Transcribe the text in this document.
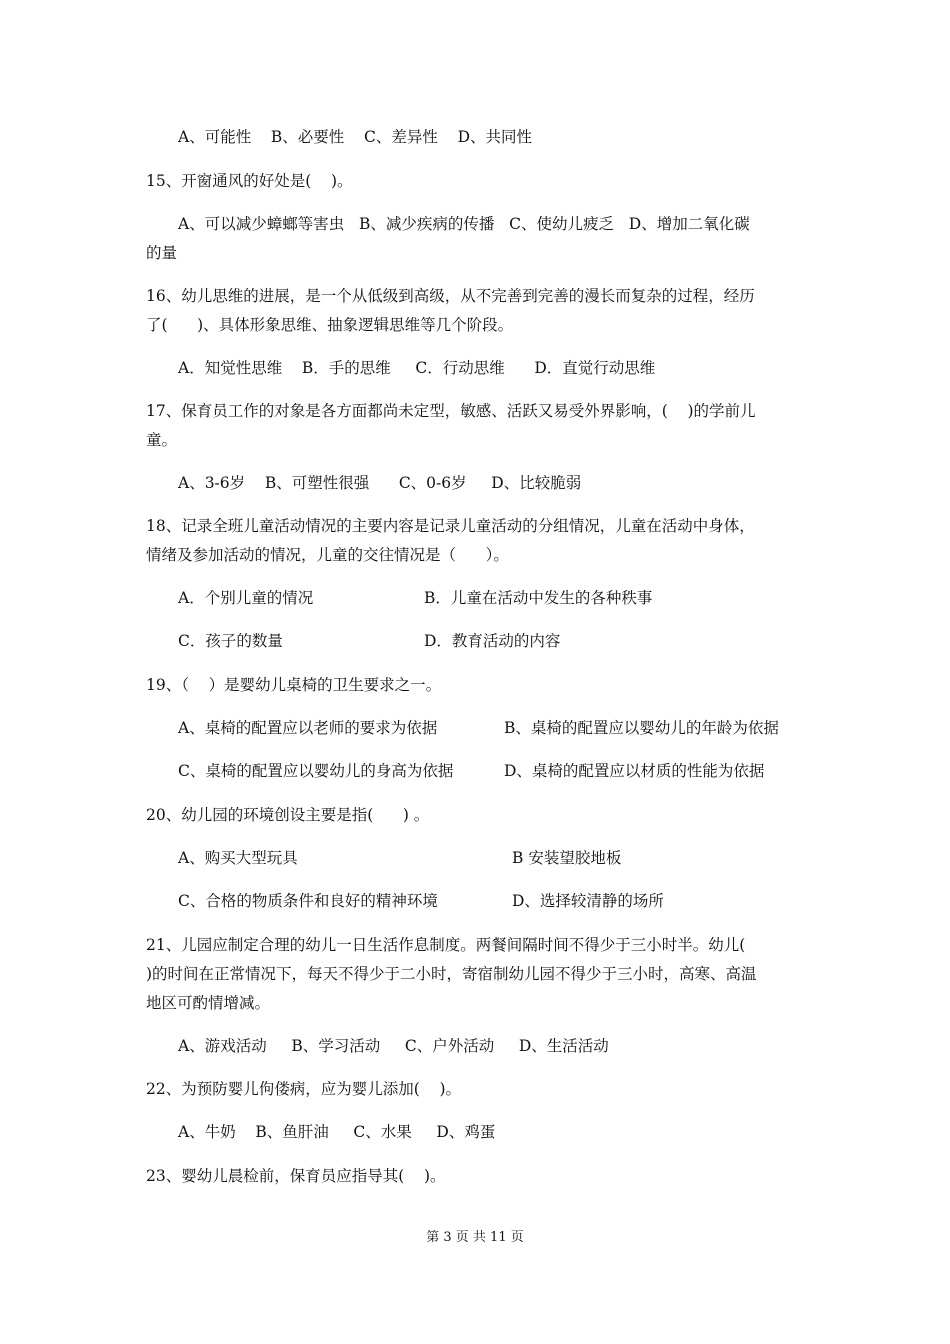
A、可能性    B、必要性    C、差异性    D、共同性
15、开窗通风的好处是(    )。
A、可以减少蟑螂等害虫   B、减少疾病的传播   C、使幼儿疲乏   D、增加二氧化碳
的量
16、幼儿思维的进展，是一个从低级到高级，从不完善到完善的漫长而复杂的过程，经历
了(      )、具体形象思维、抽象逻辑思维等几个阶段。
A．知觉性思维    B．手的思维     C．行动思维      D．直觉行动思维
17、保育员工作的对象是各方面都尚未定型，敏感、活跃又易受外界影响，(    )的学前儿
童。
A、3-6岁    B、可塑性很强      C、0-6岁     D、比较脆弱
18、记录全班儿童活动情况的主要内容是记录儿童活动的分组情况，儿童在活动中身体，
情绪及参加活动的情况，儿童的交往情况是（      ）。
A．个别儿童的情况	B．儿童在活动中发生的各种秩事
C．孩子的数量	D．教育活动的内容
19、（    ）是婴幼儿桌椅的卫生要求之一。
A、桌椅的配置应以老师的要求为依据	B、桌椅的配置应以婴幼儿的年龄为依据
C、桌椅的配置应以婴幼儿的身高为依据	D、桌椅的配置应以材质的性能为依据
20、幼儿园的环境创设主要是指(      ) 。
A、购买大型玩具	B 安装望胶地板
C、合格的物质条件和良好的精神环境	D、选择较清静的场所
21、儿园应制定合理的幼儿一日生活作息制度。两餐间隔时间不得少于三小时半。幼儿(
)的时间在正常情况下，每天不得少于二小时，寄宿制幼儿园不得少于三小时，高寒、高温
地区可酌情增减。
A、游戏活动     B、学习活动     C、户外活动     D、生活活动
22、为预防婴儿佝偻病，应为婴儿添加(    )。
A、牛奶    B、鱼肝油     C、水果     D、鸡蛋
23、婴幼儿晨检前，保育员应指导其(    )。
第 3 页 共 11 页
